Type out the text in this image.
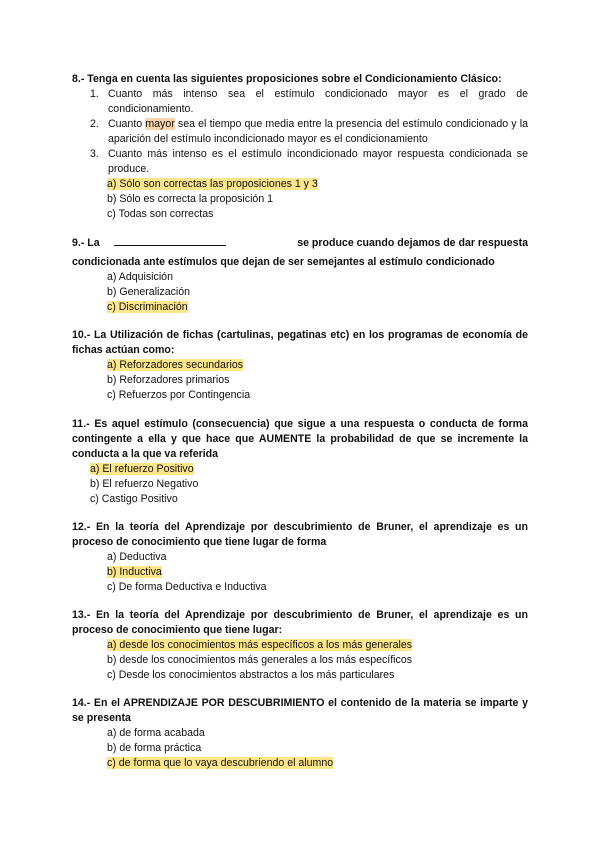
8.- Tenga en cuenta las siguientes proposiciones sobre el Condicionamiento Clásico:
1. Cuanto más intenso sea el estímulo condicionado mayor es el grado de condicionamiento.
2. Cuanto mayor sea el tiempo que media entre la presencia del estímulo condicionado y la aparición del estímulo incondicionado mayor es el condicionamiento
3. Cuanto más intenso es el estímulo incondicionado mayor respuesta condicionada se produce.
a) Sólo son correctas las proposiciones 1 y 3
b) Sólo es correcta la proposición 1
c) Todas son correctas
9.- La	se produce cuando dejamos de dar respuesta
condicionada ante estímulos que dejan de ser semejantes al estímulo condicionado
a) Adquisición
b) Generalización
c) Discriminación
10.- La Utilización de fichas (cartulinas, pegatinas etc) en los programas de economía de fichas actúan como:
a) Reforzadores secundarios
b) Reforzadores primarios
c) Refuerzos por Contingencia
11.- Es aquel estímulo (consecuencia) que sigue a una respuesta o conducta de forma contingente a ella y que hace que AUMENTE la probabilidad de que se incremente la conducta a la que va referida
a) El refuerzo Positivo
b) El refuerzo Negativo
c) Castigo Positivo
12.- En la teoría del Aprendizaje por descubrimiento de Bruner, el aprendizaje es un proceso de conocimiento que tiene lugar de forma
a) Deductiva
b) Inductiva
c) De forma Deductiva e Inductiva
13.- En la teoría del Aprendizaje por descubrimiento de Bruner, el aprendizaje es un proceso de conocimiento que tiene lugar:
a) desde los conocimientos más específicos a los más generales
b) desde los conocimientos más generales a los más específicos
c) Desde los conocimientos abstractos a los más particulares
14.- En el APRENDIZAJE POR DESCUBRIMIENTO el contenido de la materia se imparte y se presenta
a) de forma acabada
b) de forma práctica
c) de forma que lo vaya descubriendo el alumno
